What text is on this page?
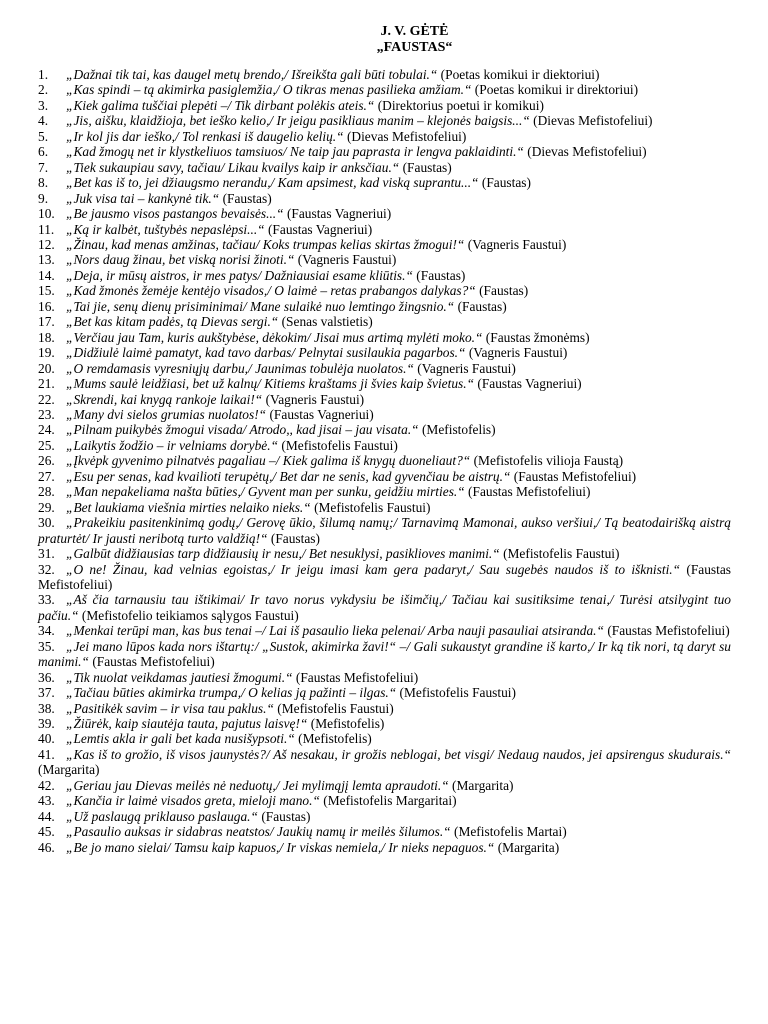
J. V. GĖTĖ
„FAUSTAS“
1. „Dažnai tik tai, kas daugel metų brendo,/ Išreikšta gali būti tobulai.“ (Poetas komikui ir diektoriui)
2. „Kas spindi – tą akimirka pasiglemžia,/ O tikras menas pasilieka amžiam.“ (Poetas komikui ir direktoriui)
3. „Kiek galima tuščiai plepėti –/ Tik dirbant polėkis ateis.“ (Direktorius poetui ir komikui)
4. „Jis, aišku, klaidžioja, bet ieško kelio,/ Ir jeigu pasikliaus manim – klejonės baigsis...“ (Dievas Mefistofeliui)
5. „Ir kol jis dar ieško,/ Tol renkasi iš daugelio kelių.“ (Dievas Mefistofeliui)
6. „Kad žmogų net ir klystkeliuos tamsiuos/ Ne taip jau paprasta ir lengva paklaidinti.“ (Dievas Mefistofeliui)
7. „Tiek sukaupiau savy, tačiau/ Likau kvailys kaip ir anksčiau.“ (Faustas)
8. „Bet kas iš to, jei džiaugsmo nerandu,/ Kam apsimest, kad viską suprantu...“ (Faustas)
9. „Juk visa tai – kankynė tik.“ (Faustas)
10. „Be jausmo visos pastangos bevaisės...“ (Faustas Vagneriui)
11. „Ką ir kalbėt, tuštybės nepaslėpsi...“ (Faustas Vagneriui)
12. „Žinau, kad menas amžinas, tačiau/ Koks trumpas kelias skirtas žmogui!“ (Vagneris Faustui)
13. „Nors daug žinau, bet viską norisi žinoti.“ (Vagneris Faustui)
14. „Deja, ir mūsų aistros, ir mes patys/ Dažniausiai esame kliūtis.“ (Faustas)
15. „Kad žmonės žemėje kentėjo visados,/ O laimė – retas prabangos dalykas?“ (Faustas)
16. „Tai jie, senų dienų prisiminimai/ Mane sulaikė nuo lemtingo žingsnio.“ (Faustas)
17. „Bet kas kitam padės, tą Dievas sergi.“ (Senas valstietis)
18. „Verčiau jau Tam, kuris aukštybėse, dėkokim/ Jisai mus artimą mylėti moko.“ (Faustas žmonėms)
19. „Didžiulė laimė pamatyt, kad tavo darbas/ Pelnytai susilaukia pagarbos.“ (Vagneris Faustui)
20. „O remdamasis vyresniųjų darbu,/ Jaunimas tobulėja nuolatos.“ (Vagneris Faustui)
21. „Mums saulė leidžiasi, bet už kalnų/ Kitiems kraštams ji švies kaip švietus.“ (Faustas Vagneriui)
22. „Skrendi, kai knygą rankoje laikai!“ (Vagneris Faustui)
23. „Many dvi sielos grumias nuolatos!“ (Faustas Vagneriui)
24. „Pilnam puikybės žmogui visada/ Atrodo,, kad jisai – jau visata.“ (Mefistofelis)
25. „Laikytis žodžio – ir velniams dorybė.“ (Mefistofelis Faustui)
26. „Įkvėpk gyvenimo pilnatvės pagaliau –/ Kiek galima iš knygų duoneliaut?“ (Mefistofelis vilioja Faustą)
27. „Esu per senas, kad kvailioti terupėtų,/ Bet dar ne senis, kad gyvenčiau be aistrų.“ (Faustas Mefistofeliui)
28. „Man nepakeliama našta būties,/ Gyvent man per sunku, geidžiu mirties.“ (Faustas Mefistofeliui)
29. „Bet laukiama viešnia mirties nelaiko nieks.“ (Mefistofelis Faustui)
30. „Prakeikiu pasitenkinimą godų,/ Gerovę ūkio, šilumą namų;/ Tarnavimą Mamonai, aukso veršiui,/ Tą beatodairišką aistrą praturtėt/ Ir jausti neribotą turto valdžią!“ (Faustas)
31. „Galbūt didžiausias tarp didžiausių ir nesu,/ Bet nesuklysi, pasiklioves manimi.“ (Mefistofelis Faustui)
32. „O ne! Žinau, kad velnias egoistas,/ Ir jeigu imasi kam gera padaryt,/ Sau sugebės naudos iš to išknisti.“ (Faustas Mefistofeliui)
33. „Aš čia tarnausiu tau ištikimai/ Ir tavo norus vykdysiu be išimčių,/ Tačiau kai susitiksime tenai,/ Turėsi atsilygint tuo pačiu.“ (Mefistofelio teikiamos sąlygos Faustui)
34. „Menkai terūpi man, kas bus tenai –/ Lai iš pasaulio lieka pelenai/ Arba nauji pasauliai atsiranda.“ (Faustas Mefistofeliui)
35. „Jei mano lūpos kada nors ištartų:/ „Sustok, akimirka žavi!“ –/ Gali sukaustyt grandine iš karto,/ Ir ką tik nori, tą daryt su manimi.“ (Faustas Mefistofeliui)
36. „Tik nuolat veikdamas jautiesi žmogumi.“ (Faustas Mefistofeliui)
37. „Tačiau būties akimirka trumpa,/ O kelias ją pažinti – ilgas.“ (Mefistofelis Faustui)
38. „Pasitikėk savim – ir visa tau paklus.“ (Mefistofelis Faustui)
39. „Žiūrėk, kaip siautėja tauta, pajutus laisvę!“ (Mefistofelis)
40. „Lemtis akla ir gali bet kada nusišypsoti.“ (Mefistofelis)
41. „Kas iš to grožio, iš visos jaunystės?/ Aš nesakau, ir grožis neblogai, bet visgi/ Nedaug naudos, jei apsirengus skudurais.“ (Margarita)
42. „Geriau jau Dievas meilės nė neduotų,/ Jei mylimąjį lemta apraudoti.“ (Margarita)
43. „Kančia ir laimė visados greta, mieloji mano.“ (Mefistofelis Margaritai)
44. „Už paslaugą priklauso paslauga.“ (Faustas)
45. „Pasaulio auksas ir sidabras neatstos/ Jaukių namų ir meilės šilumos.“ (Mefistofelis Martai)
46. „Be jo mano sielai/ Tamsu kaip kapuos,/ Ir viskas nemiela,/ Ir nieks nepaguos.“ (Margarita)
